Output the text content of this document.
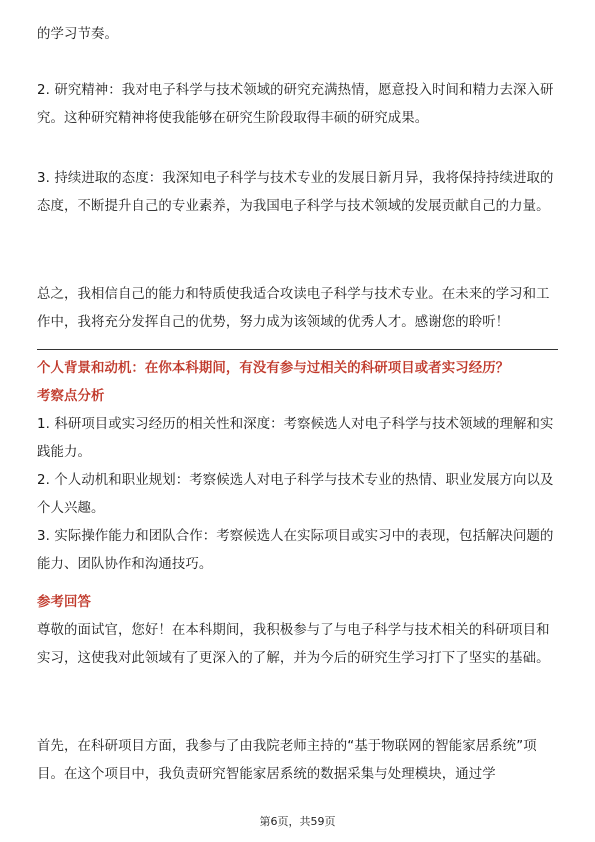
的学习节奏。

2. 研究精神：我对电子科学与技术领域的研究充满热情，愿意投入时间和精力去深入研究。这种研究精神将使我能够在研究生阶段取得丰硕的研究成果。

3. 持续进取的态度：我深知电子科学与技术专业的发展日新月异，我将保持持续进取的态度，不断提升自己的专业素养，为我国电子科学与技术领域的发展贡献自己的力量。

总之，我相信自己的能力和特质使我适合攻读电子科学与技术专业。在未来的学习和工作中，我将充分发挥自己的优势，努力成为该领域的优秀人才。感谢您的聆听！

个人背景和动机：在你本科期间，有没有参与过相关的科研项目或者实习经历？

考察点分析

1. 科研项目或实习经历的相关性和深度：考察候选人对电子科学与技术领域的理解和实践能力。

2. 个人动机和职业规划：考察候选人对电子科学与技术专业的热情、职业发展方向以及个人兴趣。

3. 实际操作能力和团队合作：考察候选人在实际项目或实习中的表现，包括解决问题的能力、团队协作和沟通技巧。

参考回答

尊敬的面试官，您好！在本科期间，我积极参与了与电子科学与技术相关的科研项目和实习，这使我对此领域有了更深入的了解，并为今后的研究生学习打下了坚实的基础。

首先，在科研项目方面，我参与了由我院老师主持的“基于物联网的智能家居系统”项目。在这个项目中，我负责研究智能家居系统的数据采集与处理模块，通过学

第6页，共59页
